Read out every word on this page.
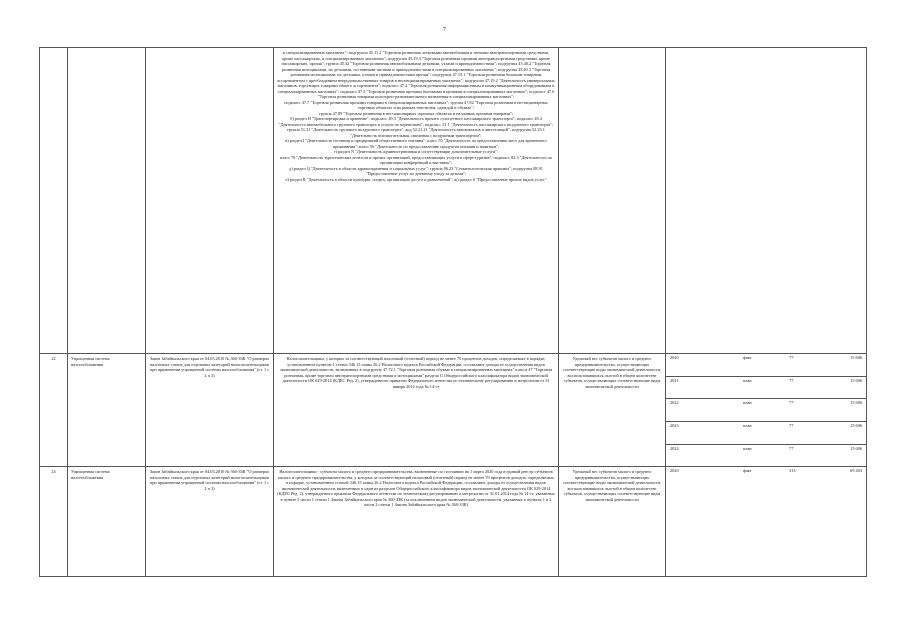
7

в специализированных магазинах"; подгруппа 45.11.2 "Торговля розничная легковыми автомобилями и легкими автотранспортными средствами, кроме пассажирских, в специализированных магазинах"; подгруппа 45.19.3 "Торговля розничная прочими автотранспортными средствами, кроме пассажирских, прочая"; группа 45.32 "Торговля розничная автомобильными деталями, узлами и принадлежностями"; подгруппа 45.40.2 "Торговля розничная мотоциклами, их деталями, составными частями и принадлежностями в специализированных магазинах"; подгруппа 45.40.3 "Торговля розничная мотоциклами, их деталями, узлами и принадлежностями прочая"; подгруппа 47.19.1 "Торговля розничная большим товарным ассортиментом с преобладанием непродовольственных товаров в неспециализированных магазинах"; подгруппа 47.19.2 "Деятельность универсальных магазинов, торгующих товарами общего ассортимента"; подкласс 47.4 "Торговля розничная информационным и коммуникационным оборудованием в специализированных магазинах"; подкласс 47.5 "Торговля розничная прочими бытовыми изделиями в специализированных магазинах"; подкласс 47.6 "Торговля розничная товарами культурно-развлекательного назначения в специализированных магазинах";

подкласс 47.7 "Торговля розничная прочими товарами в специализированных магазинах"; группа 47.82 "Торговля розничная в нестационарных торговых объектах и на рынках текстилем, одеждой и обувью";

группа 47.89 "Торговля розничная в нестационарных торговых объектах и на рынках прочими товарами";

б) раздел H "Транспортировка и хранение": подкласс 49.3 "Деятельность прочего сухопутного пассажирского транспорта"; подкласс 49.4 "Деятельность автомобильного грузового транспорта и услуги по перевозкам"; подкласс 51.1 "Деятельность пассажирского воздушного транспорта";

группа 51.21 "Деятельность грузового воздушного транспорта"; код 52.21.21 "Деятельность автовокзалов и автостанций"; подгруппа 52.23.1 "Деятельность вспомогательная, связанная с воздушным транспортом";

в) раздел I "Деятельность гостиниц и предприятий общественного питания": класс 55 "Деятельность по предоставлению мест для временного проживания"; класс 56 "Деятельность по предоставлению продуктов питания и напитков";

г) раздел N "Деятельность административная и сопутствующие дополнительные услуги":

класс 79 "Деятельность туристических агентств и прочих организаций, предоставляющих услуги в сфере туризма"; подкласс 82.3 "Деятельность по организации конференций и выставок";

д) раздел Q "Деятельность в области здравоохранения и социальных услуг": группа 86.23 "Стоматологическая практика"; подгруппа 88.91 "Предоставление услуг по дневному уходу за детьми";

е) раздел R "Деятельность в области культуры, спорта, организации досуга и развлечений"; ж) раздел S "Предоставление прочих видов услуг"

22	Упрощенная система налогообложения	Закон Забайкальского края от 04.05.2010 № 360-ЗЗК "О размерах налоговых ставок для отдельных категорий налогоплательщиков при применении упрощенной системы налогообложения" (ст. 1 с 2 п 3)	Налогоплательщики, у которых за соответствующий налоговый (отчетный) период не менее 70 процентов доходов, определяемых в порядке, установленном пунктом 1 статьи 346.15 главы 26.2 Налогового кодекса Российской Федерации, составляют доходы от осуществления видов экономической деятельности, включенных в подгруппу 47.72.1 "Торговля розничная обувью в специализированных магазинах" класса 47 "Торговля розничная, кроме торговли автотранспортными средствами и мотоциклами" раздела G Общероссийского классификатора видов экономической деятельности ОК 029-2014 (КДЕС Ред. 2), утвержденного приказом Федерального агентства по техническому регулированию и метрологии от 31 января 2014 года № 14-ст	Удельный вес субъектов малого и среднего предпринимательства, осуществляющих соответствующие виды экономической деятельности, воспользовавшихся льготой в общем количестве субъектов, осуществляющих соответствующие виды экономической деятельности	
2020	факт	77	15 606
2021	план	77	15 606
2022	план	77	15 606
2023	план	77	15 606
2024	план	77	15 606

23	Упрощенная система налогообложения	Закон Забайкальского края от 04.05.2010 № 360-ЗЗК "О размерах налоговых ставок для отдельных категорий налогоплательщиков при применении упрощенной системы налогообложения" (ст. 1 с 2 п 3)	Налогоплательщики - субъекты малого и среднего предпринимательства, включенные по состоянию на 1 марта 2020 года в единый реестр субъектов малого и среднего предпринимательства, у которых за соответствующий налоговый (отчетный) период не менее 70 процентов доходов, определяемых в порядке, установленном статьей 346.15 главы 26.2 Налогового кодекса Российской Федерации, составляют доходы от осуществления видов экономической деятельности, включенных в один из разделов Общероссийского классификатора видов экономической деятельности ОК 029-2014 (КДЕС Ред. 2), утвержденного приказом Федерального агентства по техническому регулированию и метрологии от 31.01.2014 года № 14-ст, указанных в пункте 5 части 1 статьи 1 Закона Забайкальского края № 360-ЗЗК (за исключением видов экономической деятельности, указанных в пунктах 1 и 2 части 2 статьи 1 Закона Забайкальского края № 360-ЗЗК)	Удельный вес субъектов малого и среднего предпринимательства, осуществляющих соответствующие виды экономической деятельности, воспользовавшихся льготой в общем количестве субъектов, осуществляющих соответствующие виды экономической деятельности	
2020	факт	313	69 403
